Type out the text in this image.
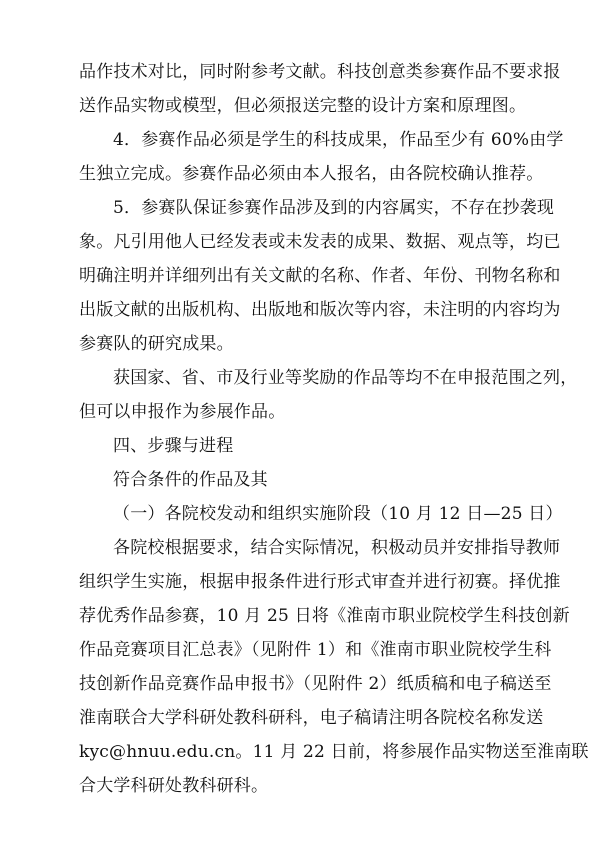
品作技术对比，同时附参考文献。科技创意类参赛作品不要求报
送作品实物或模型，但必须报送完整的设计方案和原理图。
4．参赛作品必须是学生的科技成果，作品至少有 60%由学
生独立完成。参赛作品必须由本人报名，由各院校确认推荐。
5．参赛队保证参赛作品涉及到的内容属实，不存在抄袭现
象。凡引用他人已经发表或未发表的成果、数据、观点等，均已
明确注明并详细列出有关文献的名称、作者、年份、刊物名称和
出版文献的出版机构、出版地和版次等内容，未注明的内容均为
参赛队的研究成果。
获国家、省、市及行业等奖励的作品等均不在申报范围之列，
但可以申报作为参展作品。
四、步骤与进程
符合条件的作品及其
（一）各院校发动和组织实施阶段（10 月 12 日—25 日）
各院校根据要求，结合实际情况，积极动员并安排指导教师
组织学生实施，根据申报条件进行形式审查并进行初赛。择优推
荐优秀作品参赛，10 月 25 日将《淮南市职业院校学生科技创新
作品竞赛项目汇总表》（见附件 1）和《淮南市职业院校学生科
技创新作品竞赛作品申报书》（见附件 2）纸质稿和电子稿送至
淮南联合大学科研处教科研科，电子稿请注明各院校名称发送
kyc@hnuu.edu.cn。11 月 22 日前，将参展作品实物送至淮南联
合大学科研处教科研科。
